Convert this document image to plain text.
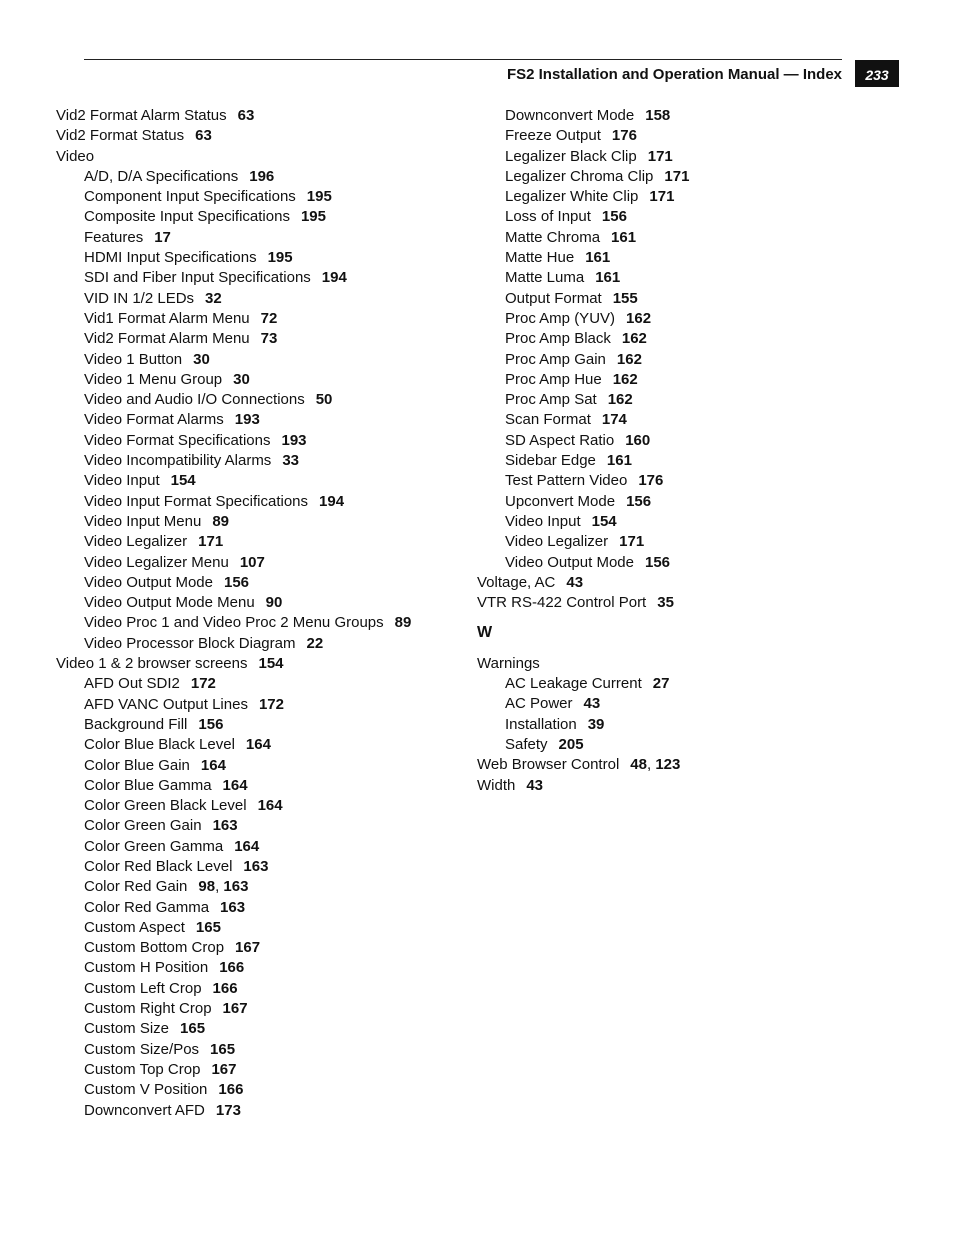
FS2 Installation and Operation Manual — Index	233
Vid2 Format Alarm Status 63
Vid2 Format Status 63
Video
A/D, D/A Specifications 196
Component Input Specifications 195
Composite Input Specifications 195
Features 17
HDMI Input Specifications 195
SDI and Fiber Input Specifications 194
VID IN 1/2 LEDs 32
Vid1 Format Alarm Menu 72
Vid2 Format Alarm Menu 73
Video 1 Button 30
Video 1 Menu Group 30
Video and Audio I/O Connections 50
Video Format Alarms 193
Video Format Specifications 193
Video Incompatibility Alarms 33
Video Input 154
Video Input Format Specifications 194
Video Input Menu 89
Video Legalizer 171
Video Legalizer Menu 107
Video Output Mode 156
Video Output Mode Menu 90
Video Proc 1 and Video Proc 2 Menu Groups 89
Video Processor Block Diagram 22
Video 1 & 2 browser screens 154
AFD Out SDI2 172
AFD VANC Output Lines 172
Background Fill 156
Color Blue Black Level 164
Color Blue Gain 164
Color Blue Gamma 164
Color Green Black Level 164
Color Green Gain 163
Color Green Gamma 164
Color Red Black Level 163
Color Red Gain 98, 163
Color Red Gamma 163
Custom Aspect 165
Custom Bottom Crop 167
Custom H Position 166
Custom Left Crop 166
Custom Right Crop 167
Custom Size 165
Custom Size/Pos 165
Custom Top Crop 167
Custom V Position 166
Downconvert AFD 173
Downconvert Mode 158
Freeze Output 176
Legalizer Black Clip 171
Legalizer Chroma Clip 171
Legalizer White Clip 171
Loss of Input 156
Matte Chroma 161
Matte Hue 161
Matte Luma 161
Output Format 155
Proc Amp (YUV) 162
Proc Amp Black 162
Proc Amp Gain 162
Proc Amp Hue 162
Proc Amp Sat 162
Scan Format 174
SD Aspect Ratio 160
Sidebar Edge 161
Test Pattern Video 176
Upconvert Mode 156
Video Input 154
Video Legalizer 171
Video Output Mode 156
Voltage, AC 43
VTR RS-422 Control Port 35
W
Warnings
AC Leakage Current 27
AC Power 43
Installation 39
Safety 205
Web Browser Control 48, 123
Width 43
